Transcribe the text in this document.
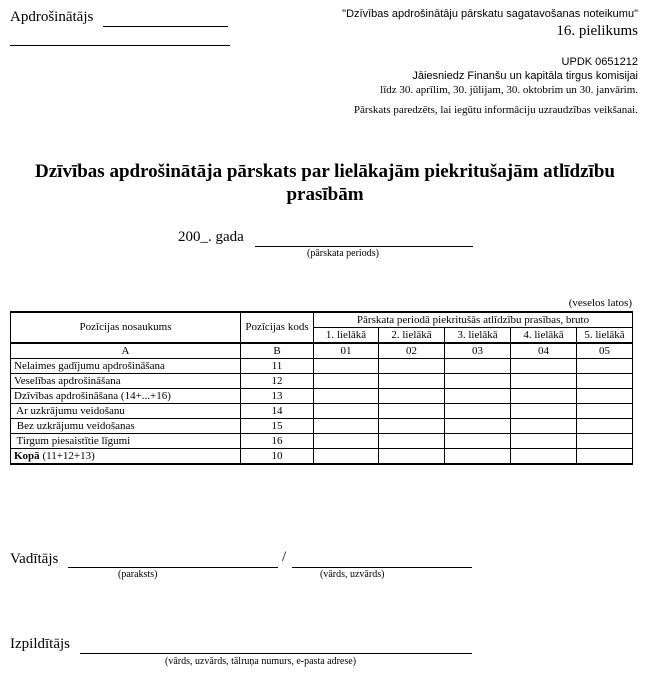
Apdrošinātājs	"Dzīvības apdrošinātāju pārskatu sagatavošanas noteikumu"
16. pielikums
UPDK 0651212
Jāiesniedz Finanšu un kapitāla tirgus komisijai
līdz 30. aprīlim, 30. jūlijam, 30. oktobrim un 30. janvārim.
Pārskats paredzēts, lai iegūtu informāciju uzraudzības veikšanai.
Dzīvības apdrošinātāja pārskats par lielākajām piekritušajām atlīdzību
prasībām
200_. gada
(pārskata periods)
(veselos latos)
Pozīcijas nosaukums	Pozīcijas kods	Pārskata periodā piekritušās atlīdzību prasības, bruto				
		1. lielākā	2. lielākā	3. lielākā	4. lielākā	5. lielākā
A	B	01	02	03	04	05
Nelaimes gadījumu apdrošināšana	11					
Veselības apdrošināšana	12					
Dzīvības apdrošināšana (14+...+16)	13					
Ar uzkrājumu veidošanu	14					
Bez uzkrājumu veidošanas	15					
Tirgum piesaistītie līgumi	16					
Kopā (11+12+13)	10					
Vadītājs	/
(paraksts)	(vārds, uzvārds)
Izpildītājs
(vārds, uzvārds, tālruņa numurs, e-pasta adrese)
